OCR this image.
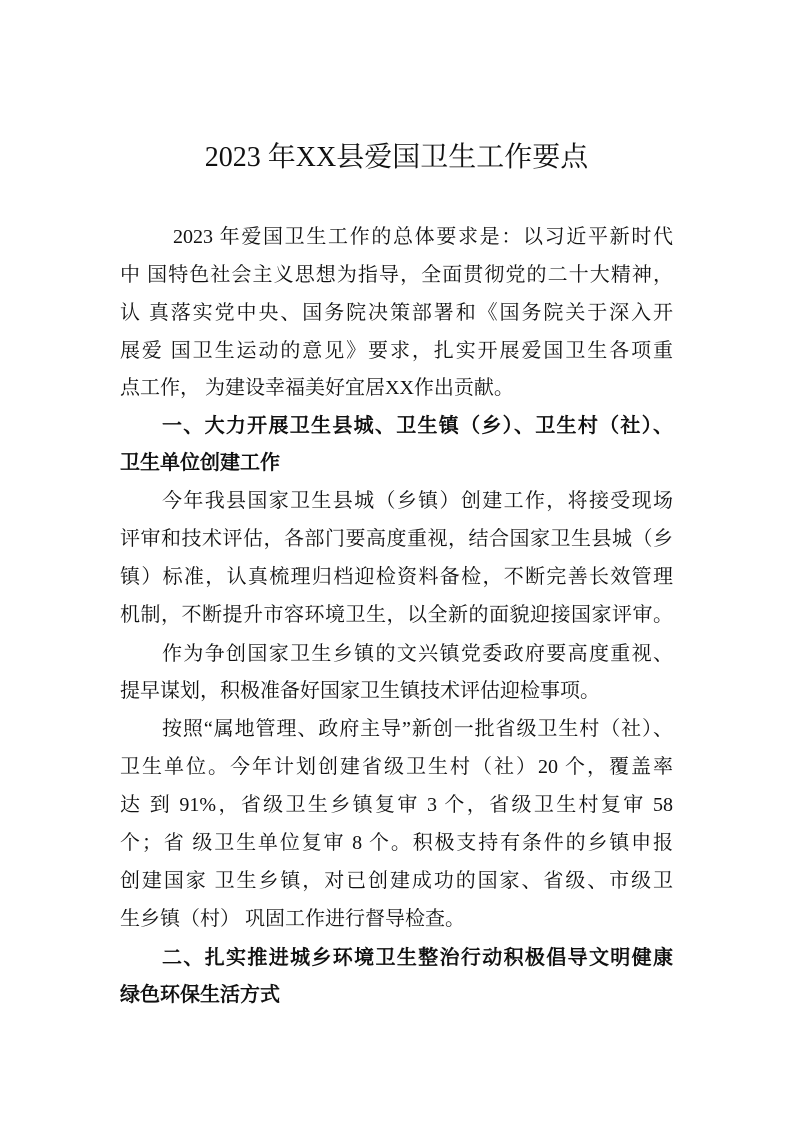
2023 年XX县爱国卫生工作要点
2023 年爱国卫生工作的总体要求是：以习近平新时代
中 国特色社会主义思想为指导，全面贯彻党的二十大精神，
认 真落实党中央、国务院决策部署和《国务院关于深入开
展爱 国卫生运动的意见》要求，扎实开展爱国卫生各项重
点工作， 为建设幸福美好宜居XX作出贡献。
一、大力开展卫生县城、卫生镇（乡）、卫生村（社）、
卫生单位创建工作
今年我县国家卫生县城（乡镇）创建工作，将接受现场
评审和技术评估，各部门要高度重视，结合国家卫生县城（乡
镇）标准，认真梳理归档迎检资料备检，不断完善长效管理
机制，不断提升市容环境卫生，以全新的面貌迎接国家评审。
作为争创国家卫生乡镇的文兴镇党委政府要高度重视、
提早谋划，积极准备好国家卫生镇技术评估迎检事项。
按照“属地管理、政府主导”新创一批省级卫生村（社）、
卫生单位。今年计划创建省级卫生村（社）20 个，覆盖率
达 到 91%，省级卫生乡镇复审 3 个，省级卫生村复审 58
个；省 级卫生单位复审 8 个。积极支持有条件的乡镇申报
创建国家 卫生乡镇，对已创建成功的国家、省级、市级卫
生乡镇（村） 巩固工作进行督导检查。
二、扎实推进城乡环境卫生整治行动积极倡导文明健康
绿色环保生活方式
